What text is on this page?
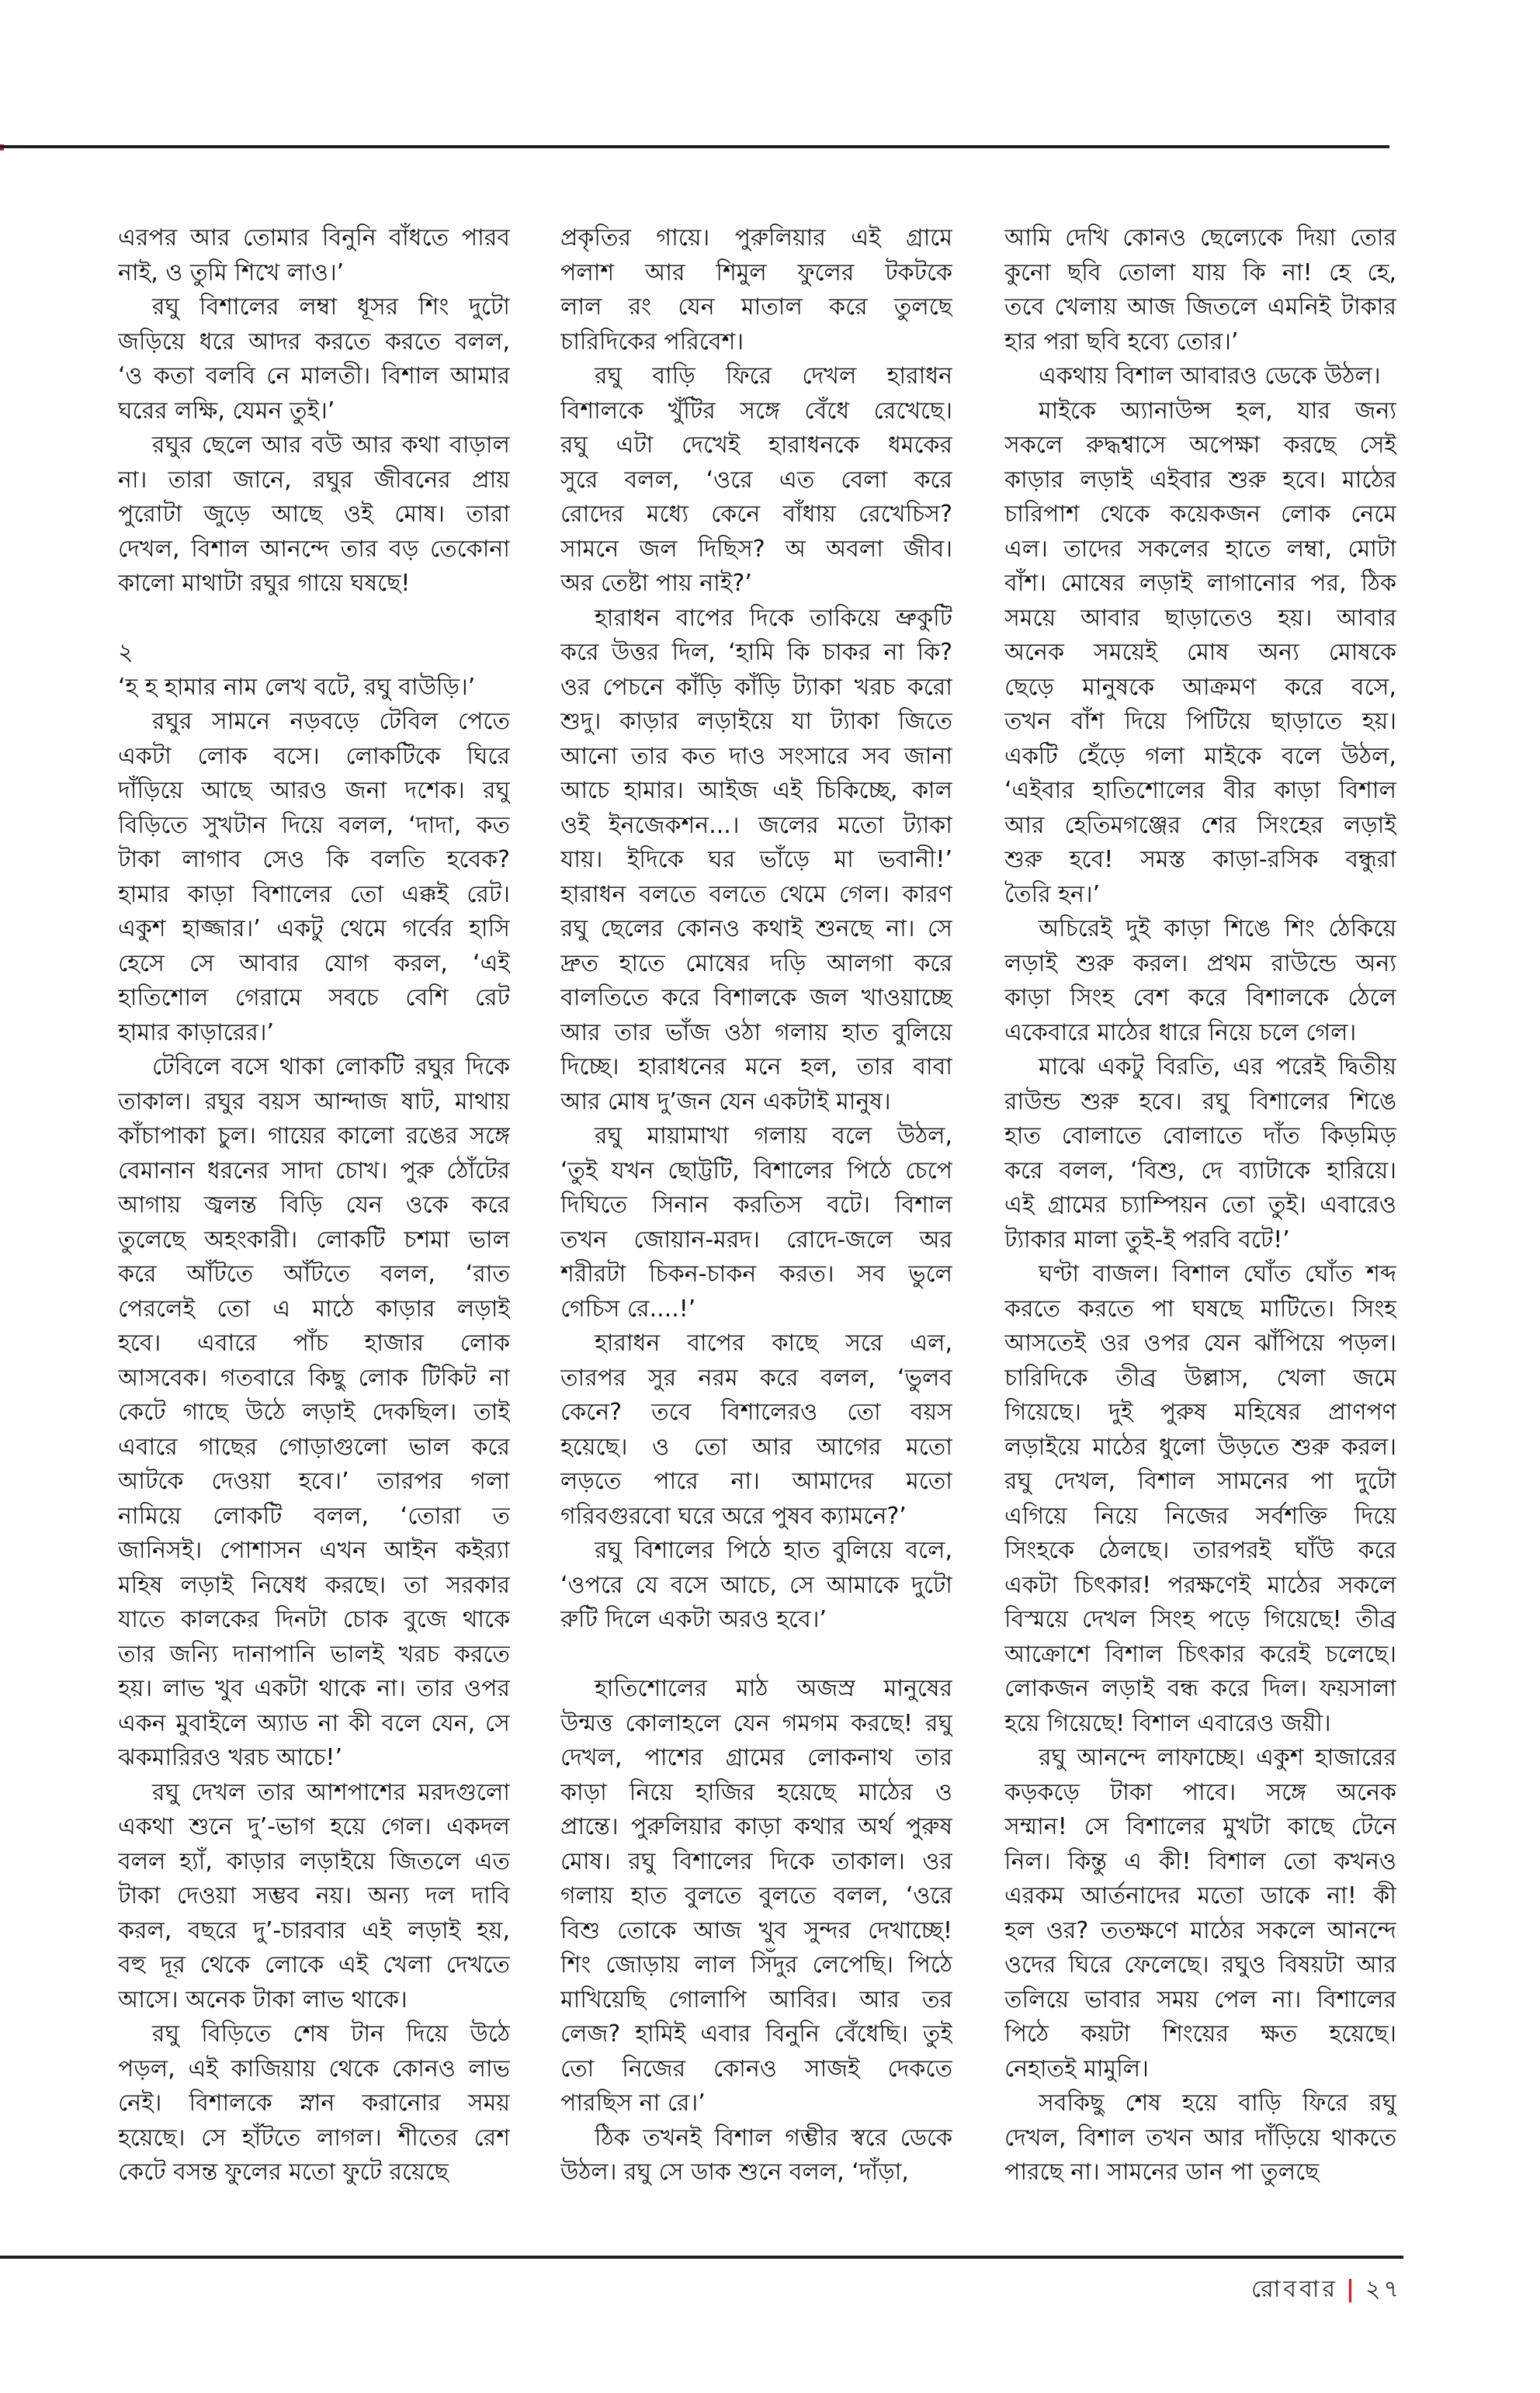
এরপর আর তোমার বিনুনি বাঁধতে পারব
নাই, ও তুমি শিখে লাও।’
রঘু বিশালের লম্বা ধূসর শিং দুটো
জড়িয়ে ধরে আদর করতে করতে বলল,
‘ও কতা বলবি নে মালতী। বিশাল আমার
ঘরের লক্ষি, যেমন তুই।’
রঘুর ছেলে আর বউ আর কথা বাড়াল
না। তারা জানে, রঘুর জীবনের প্রায়
পুরোটা জুড়ে আছে ওই মোষ। তারা
দেখল, বিশাল আনন্দে তার বড় তেকোনা
কালো মাথাটা রঘুর গায়ে ঘষছে!
২
‘হ হ হামার নাম লেখ বটে, রঘু বাউড়ি।’
রঘুর সামনে নড়বড়ে টেবিল পেতে
একটা লোক বসে। লোকটিকে ঘিরে
দাঁড়িয়ে আছে আরও জনা দশেক। রঘু
বিড়িতে সুখটান দিয়ে বলল, ‘দাদা, কত
টাকা লাগাব সেও কি বলতি হবেক?
হামার কাড়া বিশালের তো এক্কই রেট।
একুশ হাজ্জার।’ একটু থেমে গর্বের হাসি
হেসে সে আবার যোগ করল, ‘এই
হাতিশোল গেরামে সবচে বেশি রেট
হামার কাড়ারের।’
টেবিলে বসে থাকা লোকটি রঘুর দিকে
তাকাল। রঘুর বয়স আন্দাজ ষাট, মাথায়
কাঁচাপাকা চুল। গায়ের কালো রঙের সঙ্গে
বেমানান ধরনের সাদা চোখ। পুরু ঠোঁটের
আগায় জ্বলন্ত বিড়ি যেন ওকে করে
তুলেছে অহংকারী। লোকটি চশমা ভাল
করে আঁটতে আঁটতে বলল, ‘রাত
পেরলেই তো এ মাঠে কাড়ার লড়াই
হবে। এবারে পাঁচ হাজার লোক
আসবেক। গতবারে কিছু লোক টিকিট না
কেটে গাছে উঠে লড়াই দেকছিল। তাই
এবারে গাছের গোড়াগুলো ভাল করে
আটকে দেওয়া হবে।’ তারপর গলা
নামিয়ে লোকটি বলল, ‘তোরা ত
জানিসই। পোশাসন এখন আইন কইর‍্যা
মহিষ লড়াই নিষেধ করছে। তা সরকার
যাতে কালকের দিনটা চোক বুজে থাকে
তার জন্যি দানাপানি ভালই খরচ করতে
হয়। লাভ খুব একটা থাকে না। তার ওপর
একন মুবাইলে অ্যাড না কী বলে যেন, সে
ঝকমারিরও খরচ আচে!’
রঘু দেখল তার আশপাশের মরদগুলো
একথা শুনে দু’-ভাগ হয়ে গেল। একদল
বলল হ্যাঁ, কাড়ার লড়াইয়ে জিতলে এত
টাকা দেওয়া সম্ভব নয়। অন্য দল দাবি
করল, বছরে দু’-চারবার এই লড়াই হয়,
বহু দূর থেকে লোকে এই খেলা দেখতে
আসে। অনেক টাকা লাভ থাকে।
রঘু বিড়িতে শেষ টান দিয়ে উঠে
পড়ল, এই কাজিয়ায় থেকে কোনও লাভ
নেই। বিশালকে স্নান করানোর সময়
হয়েছে। সে হাঁটতে লাগল। শীতের রেশ
কেটে বসন্ত ফুলের মতো ফুটে রয়েছে
প্রকৃতির গায়ে। পুরুলিয়ার এই গ্রামে
পলাশ আর শিমুল ফুলের টকটকে
লাল রং যেন মাতাল করে তুলছে
চারিদিকের পরিবেশ।
রঘু বাড়ি ফিরে দেখল হারাধন
বিশালকে খুঁটির সঙ্গে বেঁধে রেখেছে।
রঘু এটা দেখেই হারাধনকে ধমকের
সুরে বলল, ‘ওরে এত বেলা করে
রোদের মধ্যে কেনে বাঁধায় রেখেচিস?
সামনে জল দিছিস? অ অবলা জীব।
অর তেষ্টা পায় নাই?’
হারাধন বাপের দিকে তাকিয়ে ভ্রুকুটি
করে উত্তর দিল, ‘হামি কি চাকর না কি?
ওর পেচনে কাঁড়ি কাঁড়ি ট্যাকা খরচ করো
শুদু। কাড়ার লড়াইয়ে যা ট্যাকা জিতে
আনো তার কত দাও সংসারে সব জানা
আচে হামার। আইজ এই চিকিচ্ছে, কাল
ওই ইনজেকশন...। জলের মতো ট্যাকা
যায়। ইদিকে ঘর ভাঁড়ে মা ভবানী!’
হারাধন বলতে বলতে থেমে গেল। কারণ
রঘু ছেলের কোনও কথাই শুনছে না। সে
দ্রুত হাতে মোষের দড়ি আলগা করে
বালতিতে করে বিশালকে জল খাওয়াচ্ছে
আর তার ভাঁজ ওঠা গলায় হাত বুলিয়ে
দিচ্ছে। হারাধনের মনে হল, তার বাবা
আর মোষ দু’জন যেন একটাই মানুষ।
রঘু মায়ামাখা গলায় বলে উঠল,
‘তুই যখন ছোট্টটি, বিশালের পিঠে চেপে
দিঘিতে সিনান করতিস বটে। বিশাল
তখন জোয়ান-মরদ। রোদে-জলে অর
শরীরটা চিকন-চাকন করত। সব ভুলে
গেচিস রে....!’
হারাধন বাপের কাছে সরে এল,
তারপর সুর নরম করে বলল, ‘ভুলব
কেনে? তবে বিশালেরও তো বয়স
হয়েছে। ও তো আর আগের মতো
লড়তে পারে না। আমাদের মতো
গরিবগুরবো ঘরে অরে পুষব ক্যামনে?’
রঘু বিশালের পিঠে হাত বুলিয়ে বলে,
‘ওপরে যে বসে আচে, সে আমাকে দুটো
রুটি দিলে একটা অরও হবে।’
হাতিশোলের মাঠ অজস্র মানুষের
উন্মত্ত কোলাহলে যেন গমগম করছে! রঘু
দেখল, পাশের গ্রামের লোকনাথ তার
কাড়া নিয়ে হাজির হয়েছে মাঠের ও
প্রান্তে। পুরুলিয়ার কাড়া কথার অর্থ পুরুষ
মোষ। রঘু বিশালের দিকে তাকাল। ওর
গলায় হাত বুলতে বুলতে বলল, ‘ওরে
বিশু তোকে আজ খুব সুন্দর দেখাচ্ছে!
শিং জোড়ায় লাল সিঁদুর লেপেছি। পিঠে
মাখিয়েছি গোলাপি আবির। আর তর
লেজ? হামিই এবার বিনুনি বেঁধেছি। তুই
তো নিজের কোনও সাজই দেকতে
পারছিস না রে।’
ঠিক তখনই বিশাল গম্ভীর স্বরে ডেকে
উঠল। রঘু সে ডাক শুনে বলল, ‘দাঁড়া,
আমি দেখি কোনও ছেল্যেকে দিয়া তোর
কুনো ছবি তোলা যায় কি না! হে হে,
তবে খেলায় আজ জিতলে এমনিই টাকার
হার পরা ছবি হব্যে তোর।’
একথায় বিশাল আবারও ডেকে উঠল।
মাইকে অ্যানাউন্স হল, যার জন্য
সকলে রুদ্ধশ্বাসে অপেক্ষা করছে সেই
কাড়ার লড়াই এইবার শুরু হবে। মাঠের
চারিপাশ থেকে কয়েকজন লোক নেমে
এল। তাদের সকলের হাতে লম্বা, মোটা
বাঁশ। মোষের লড়াই লাগানোর পর, ঠিক
সময়ে আবার ছাড়াতেও হয়। আবার
অনেক সময়েই মোষ অন্য মোষকে
ছেড়ে মানুষকে আক্রমণ করে বসে,
তখন বাঁশ দিয়ে পিটিয়ে ছাড়াতে হয়।
একটি হেঁড়ে গলা মাইকে বলে উঠল,
‘এইবার হাতিশোলের বীর কাড়া বিশাল
আর হেতিমগঞ্জের শের সিংহের লড়াই
শুরু হবে! সমস্ত কাড়া-রসিক বন্ধুরা
তৈরি হন।’
অচিরেই দুই কাড়া শিঙে শিং ঠেকিয়ে
লড়াই শুরু করল। প্রথম রাউন্ডে অন্য
কাড়া সিংহ বেশ করে বিশালকে ঠেলে
একেবারে মাঠের ধারে নিয়ে চলে গেল।
মাঝে একটু বিরতি, এর পরেই দ্বিতীয়
রাউন্ড শুরু হবে। রঘু বিশালের শিঙে
হাত বোলাতে বোলাতে দাঁত কিড়মিড়
করে বলল, ‘বিশু, দে ব্যাটাকে হারিয়ে।
এই গ্রামের চ্যাম্পিয়ন তো তুই। এবারেও
ট্যাকার মালা তুই-ই পরবি বটে!’
ঘণ্টা বাজল। বিশাল ঘোঁত ঘোঁত শব্দ
করতে করতে পা ঘষছে মাটিতে। সিংহ
আসতেই ওর ওপর যেন ঝাঁপিয়ে পড়ল।
চারিদিকে তীব্র উল্লাস, খেলা জমে
গিয়েছে। দুই পুরুষ মহিষের প্রাণপণ
লড়াইয়ে মাঠের ধুলো উড়তে শুরু করল।
রঘু দেখল, বিশাল সামনের পা দুটো
এগিয়ে নিয়ে নিজের সর্বশক্তি দিয়ে
সিংহকে ঠেলছে। তারপরই ঘাঁউ করে
একটা চিৎকার! পরক্ষণেই মাঠের সকলে
বিস্ময়ে দেখল সিংহ পড়ে গিয়েছে! তীব্র
আক্রোশে বিশাল চিৎকার করেই চলেছে।
লোকজন লড়াই বন্ধ করে দিল। ফয়সালা
হয়ে গিয়েছে! বিশাল এবারেও জয়ী।
রঘু আনন্দে লাফাচ্ছে। একুশ হাজারের
কড়কড়ে টাকা পাবে। সঙ্গে অনেক
সম্মান! সে বিশালের মুখটা কাছে টেনে
নিল। কিন্তু এ কী! বিশাল তো কখনও
এরকম আর্তনাদের মতো ডাকে না! কী
হল ওর? ততক্ষণে মাঠের সকলে আনন্দে
ওদের ঘিরে ফেলেছে। রঘুও বিষয়টা আর
তলিয়ে ভাবার সময় পেল না। বিশালের
পিঠে কয়টা শিংয়ের ক্ষত হয়েছে।
নেহাতই মামুলি।
সবকিছু শেষ হয়ে বাড়ি ফিরে রঘু
দেখল, বিশাল তখন আর দাঁড়িয়ে থাকতে
পারছে না। সামনের ডান পা তুলছে
রোববার | ২৭
